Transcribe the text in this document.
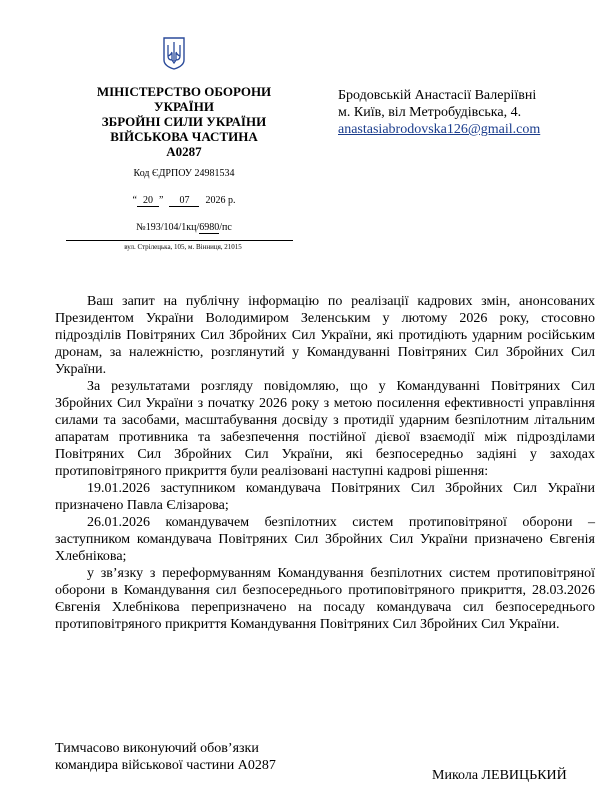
МІНІСТЕРСТВО ОБОРОНИ
УКРАЇНИ
ЗБРОЙНІ СИЛИ УКРАЇНИ
ВІЙСЬКОВА ЧАСТИНА
А0287
Код ЄДРПОУ 24981534
“ 20 ” 07 2026 р.
№193/104/1кц/6980/пс
вул. Стрілецька, 105, м. Вінниця, 21015
Бродовській Анастасії Валеріївні
м. Київ, віл Метробудівська, 4.
anastasiabrodovska126@gmail.com

Ваш запит на публічну інформацію по реалізації кадрових змін, анонсованих Президентом України Володимиром Зеленським у лютому 2026 року, стосовно підрозділів Повітряних Сил Збройних Сил України, які протидіють ударним російським дронам, за належністю, розглянутий у Командуванні Повітряних Сил Збройних Сил України.

За результатами розгляду повідомляю, що у Командуванні Повітряних Сил Збройних Сил України з початку 2026 року з метою посилення ефективності управління силами та засобами, масштабування досвіду з протидії ударним безпілотним літальним апаратам противника та забезпечення постійної дієвої взаємодії між підрозділами Повітряних Сил Збройних Сил України, які безпосередньо задіяні у заходах протиповітряного прикриття були реалізовані наступні кадрові рішення:

19.01.2026 заступником командувача Повітряних Сил Збройних Сил України призначено Павла Єлізарова;

26.01.2026 командувачем безпілотних систем протиповітряної оборони – заступником командувача Повітряних Сил Збройних Сил України призначено Євгенія Хлебнікова;

у зв’язку з переформуванням Командування безпілотних систем протиповітряної оборони в Командування сил безпосереднього протиповітряного прикриття, 28.03.2026 Євгенія Хлебнікова перепризначено на посаду командувача сил безпосереднього протиповітряного прикриття Командування Повітряних Сил Збройних Сил України.

Тимчасово виконуючий обов’язки
командира військової частини А0287
Микола ЛЕВИЦЬКИЙ
